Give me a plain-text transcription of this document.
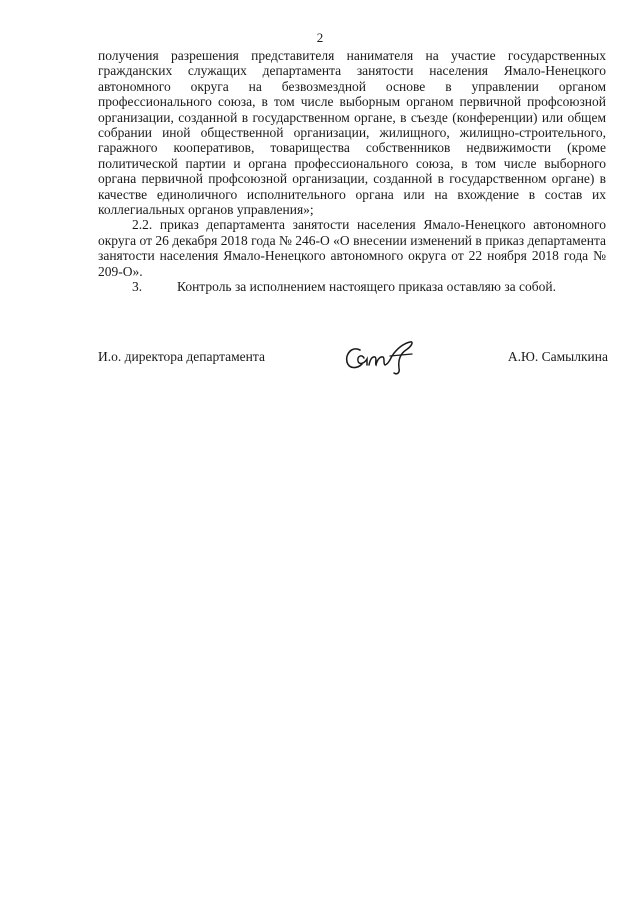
2

получения разрешения представителя нанимателя на участие государственных гражданских служащих департамента занятости населения Ямало-Ненецкого автономного округа на безвозмездной основе в управлении органом профессионального союза, в том числе выборным органом первичной профсоюзной организации, созданной в государственном органе, в съезде (конференции) или общем собрании иной общественной организации, жилищного, жилищно-строительного, гаражного кооперативов, товарищества собственников недвижимости (кроме политической партии и органа профессионального союза, в том числе выборного органа первичной профсоюзной организации, созданной в государственном органе) в качестве единоличного исполнительного органа или на вхождение в состав их коллегиальных органов управления»;

2.2. приказ департамента занятости населения Ямало-Ненецкого автономного округа от 26 декабря 2018 года № 246-О «О внесении изменений в приказ департамента занятости населения Ямало-Ненецкого автономного округа от 22 ноября 2018 года № 209-О».

3.	Контроль за исполнением настоящего приказа оставляю за собой.

И.о. директора департамента	А.Ю. Самылкина
